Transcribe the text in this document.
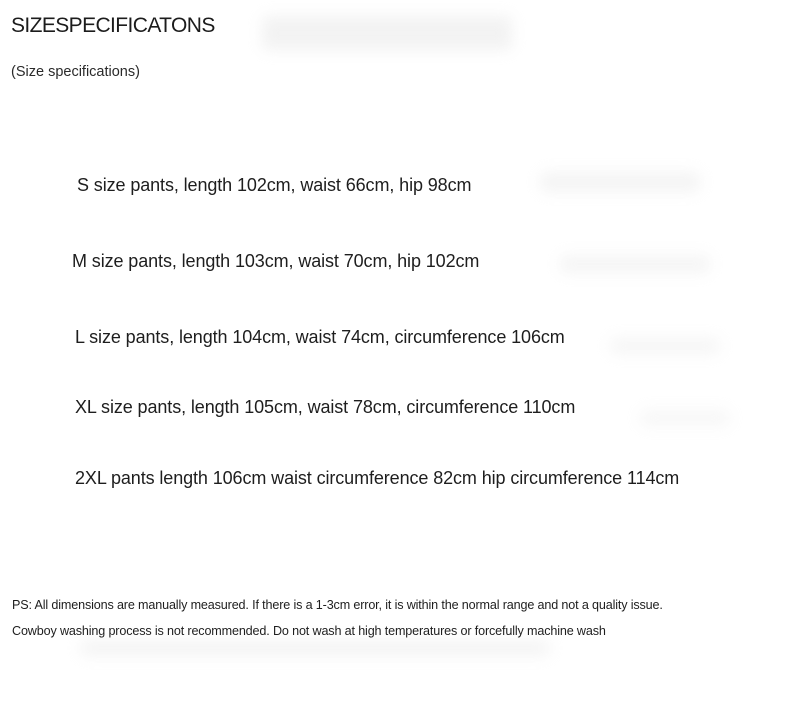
SIZESPECIFICATONS
(Size specifications)
S size pants, length 102cm, waist 66cm, hip 98cm
M size pants, length 103cm, waist 70cm, hip 102cm
L size pants, length 104cm, waist 74cm, circumference 106cm
XL size pants, length 105cm, waist 78cm, circumference 110cm
2XL pants length 106cm waist circumference 82cm hip circumference 114cm
PS: All dimensions are manually measured. If there is a 1-3cm error, it is within the normal range and not a quality issue.
Cowboy washing process is not recommended. Do not wash at high temperatures or forcefully machine wash
